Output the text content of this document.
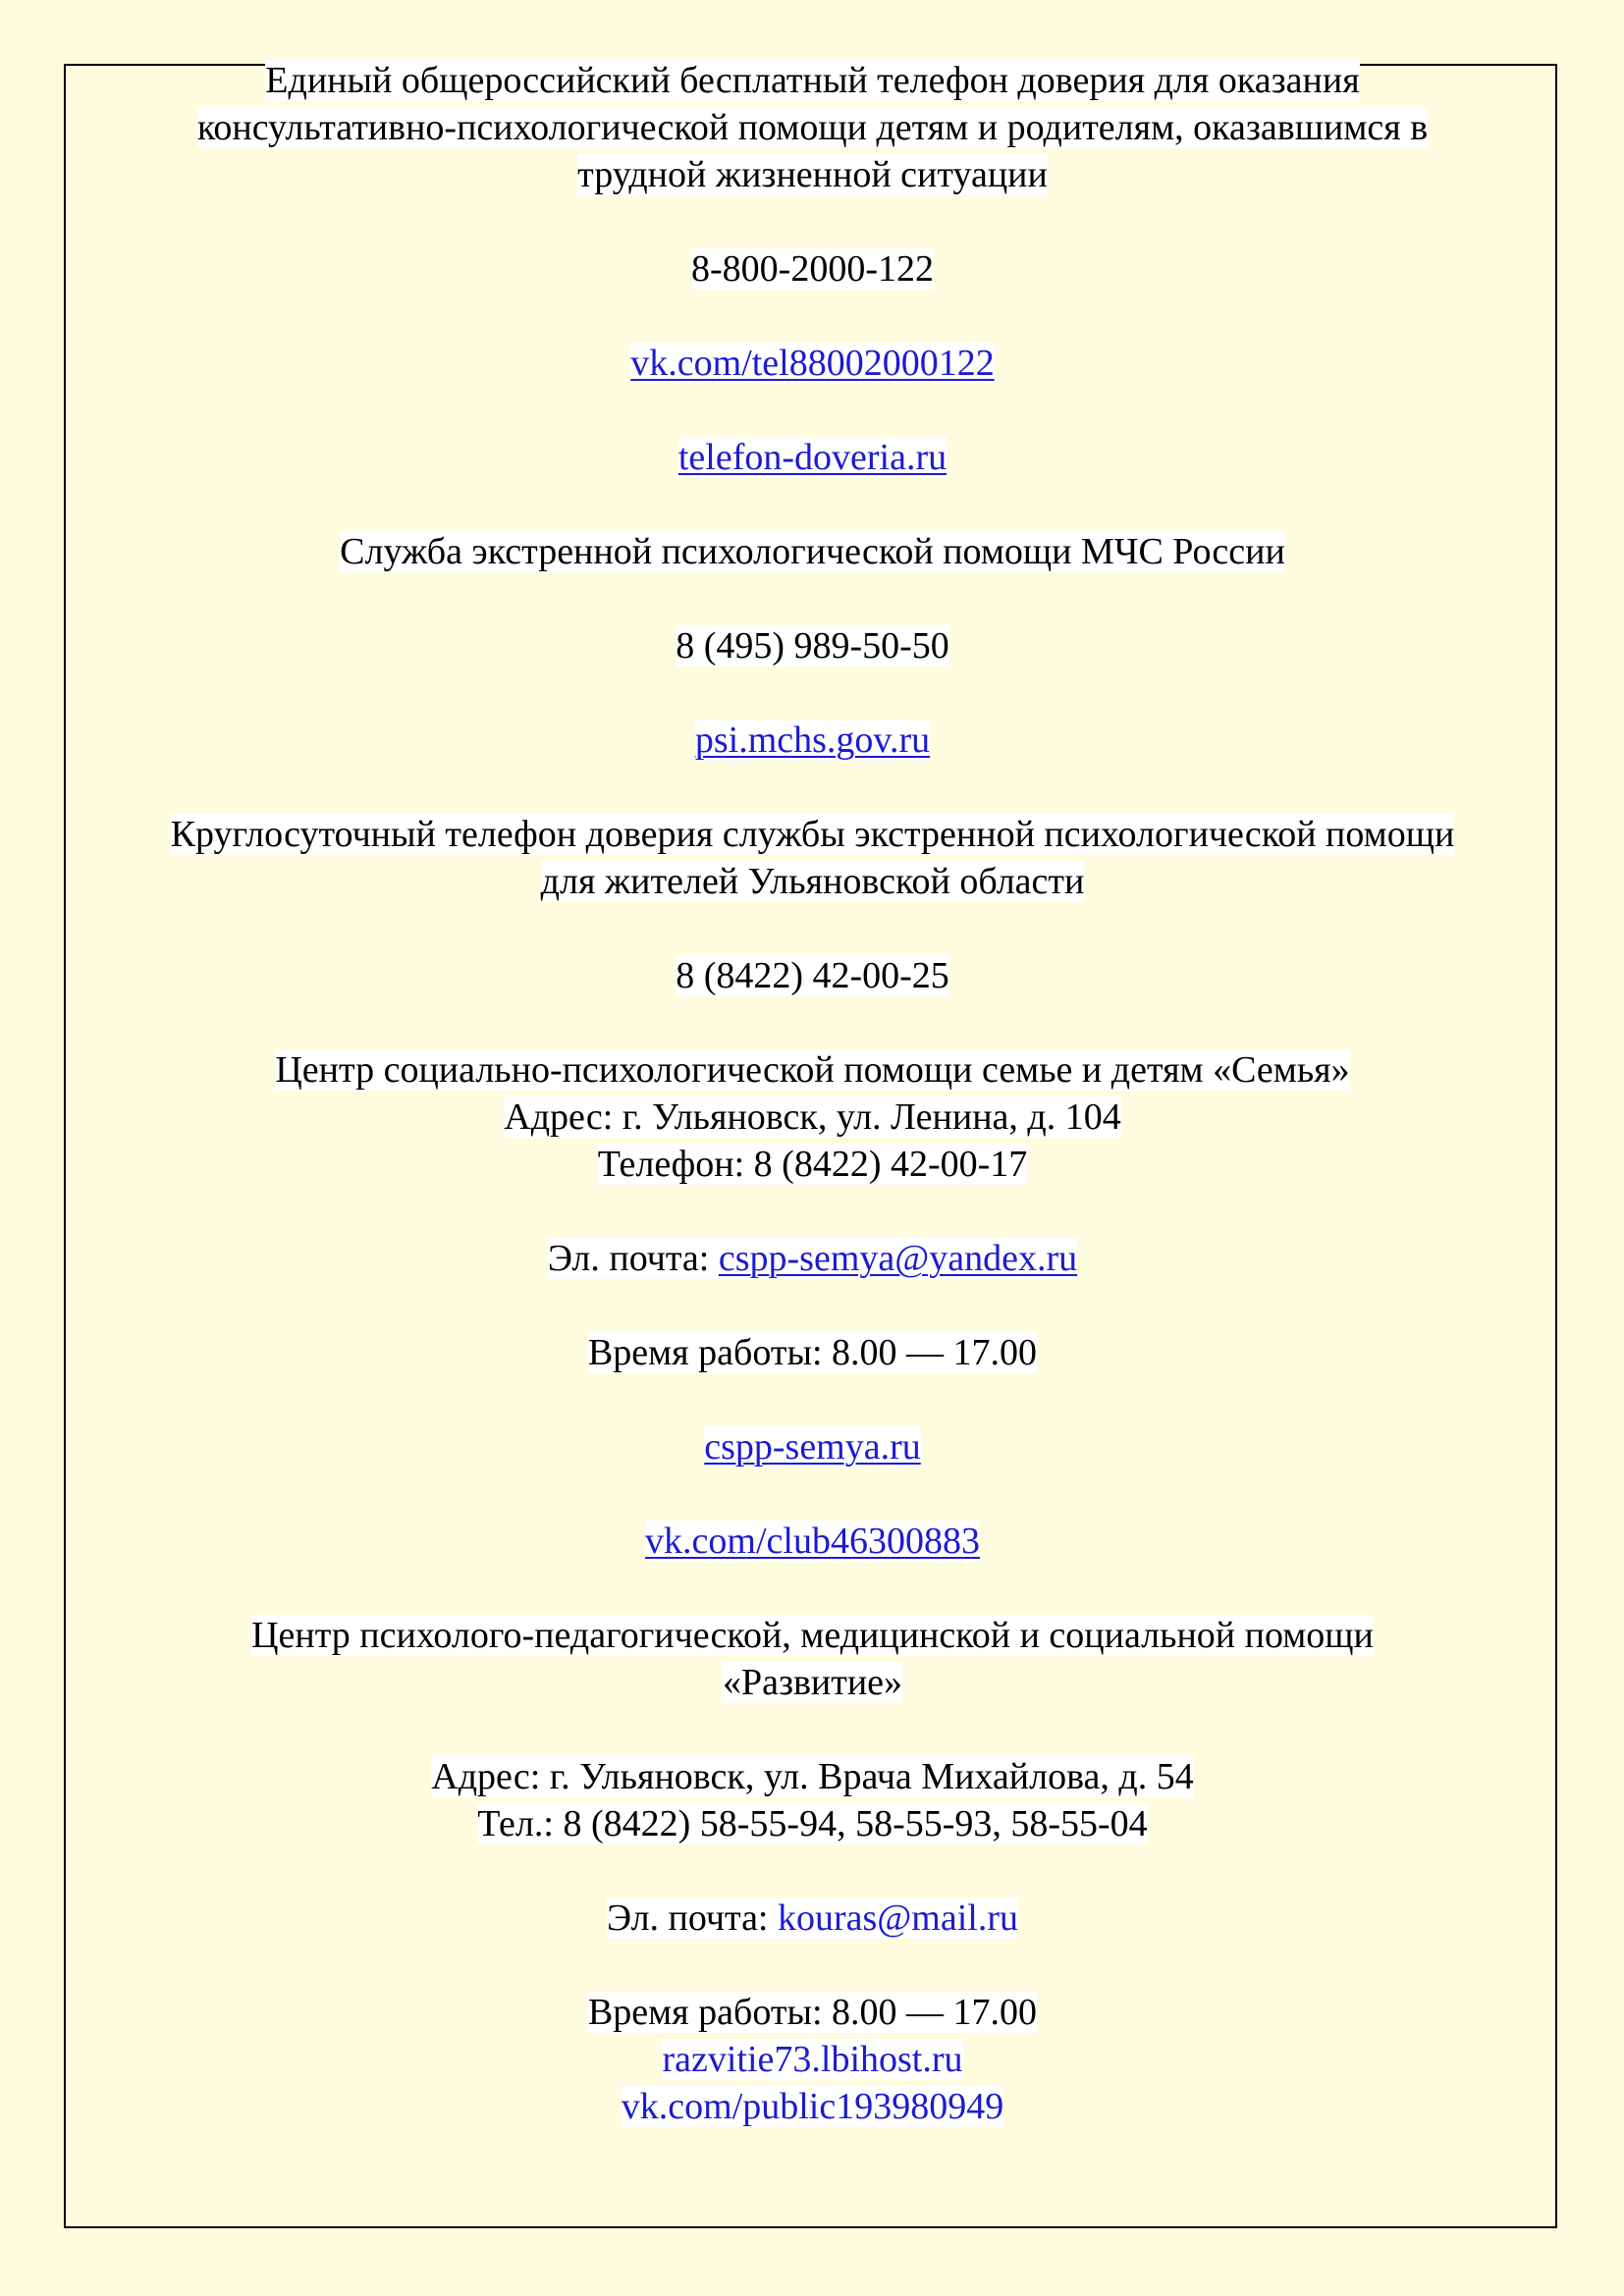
Единый общероссийский бесплатный телефон доверия для оказания
консультативно-психологической помощи детям и родителям, оказавшимся в
трудной жизненной ситуации
8-800-2000-122
vk.com/tel88002000122
telefon-doveria.ru
Служба экстренной психологической помощи МЧС России
8 (495) 989-50-50
psi.mchs.gov.ru
Круглосуточный телефон доверия службы экстренной психологической помощи
для жителей Ульяновской области
8 (8422) 42-00-25
Центр социально-психологической помощи семье и детям «Семья»
Адрес: г. Ульяновск, ул. Ленина, д. 104
Телефон: 8 (8422) 42-00-17
Эл. почта: cspp-semya@yandex.ru
Время работы: 8.00 — 17.00
cspp-semya.ru
vk.com/club46300883
Центр психолого-педагогической, медицинской и социальной помощи
«Развитие»
Адрес: г. Ульяновск, ул. Врача Михайлова, д. 54
Тел.: 8 (8422) 58-55-94, 58-55-93, 58-55-04
Эл. почта: kouras@mail.ru
Время работы: 8.00 — 17.00
razvitie73.lbihost.ru
vk.com/public193980949
